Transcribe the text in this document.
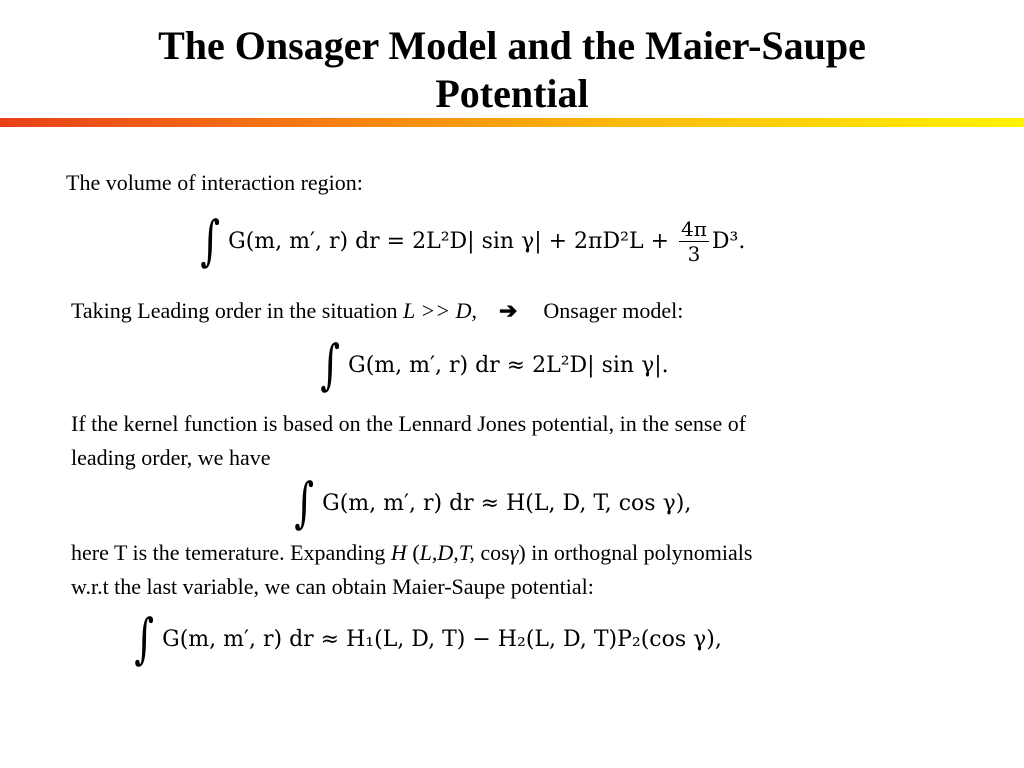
The Onsager Model and the Maier-Saupe
Potential
The volume of interaction region:
∫ G(m, m′, r) dr = 2L²D| $\sin \gamma| + 2\pi D^2L + \frac{4\pi}{3} D^3$.
Taking Leading order in the situation L >> D, ➔ Onsager model:
∫ G(m, m′, r) dr ≈ 2L²D| sin γ|.
If the kernel function is based on the Lennard Jones potential, in the sense of
leading order, we have
∫ G(m, m′, r) dr ≈ H(L, D, T, cos γ),
here T is the temerature. Expanding H (L,D,T, cosγ) in orthognal polynomials
w.r.t the last variable, we can obtain Maier-Saupe potential:
∫ G(m, m′, r) dr ≈ H₁(L, D, T) − H₂(L, D, T)P₂(cos γ),
